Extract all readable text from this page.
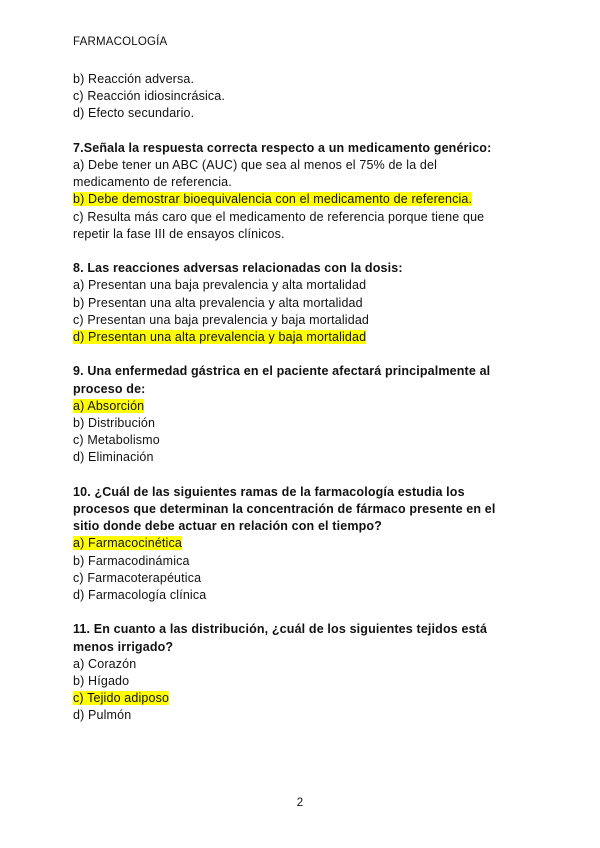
FARMACOLOGÍA
b) Reacción adversa.
c) Reacción idiosincrásica.
d) Efecto secundario.
7.Señala la respuesta correcta respecto a un medicamento genérico:
a) Debe tener un ABC (AUC) que sea al menos el 75% de la del
medicamento de referencia.
b) Debe demostrar bioequivalencia con el medicamento de referencia.
c) Resulta más caro que el medicamento de referencia porque tiene que
repetir la fase III de ensayos clínicos.
8. Las reacciones adversas relacionadas con la dosis:
a) Presentan una baja prevalencia y alta mortalidad
b) Presentan una alta prevalencia y alta mortalidad
c) Presentan una baja prevalencia y baja mortalidad
d) Presentan una alta prevalencia y baja mortalidad
9. Una enfermedad gástrica en el paciente afectará principalmente al
proceso de:
a) Absorción
b) Distribución
c) Metabolismo
d) Eliminación
10. ¿Cuál de las siguientes ramas de la farmacología estudia los
procesos que determinan la concentración de fármaco presente en el
sitio donde debe actuar en relación con el tiempo?
a) Farmacocinética
b) Farmacodinámica
c) Farmacoterapéutica
d) Farmacología clínica
11. En cuanto a las distribución, ¿cuál de los siguientes tejidos está
menos irrigado?
a) Corazón
b) Hígado
c) Tejido adiposo
d) Pulmón
2
